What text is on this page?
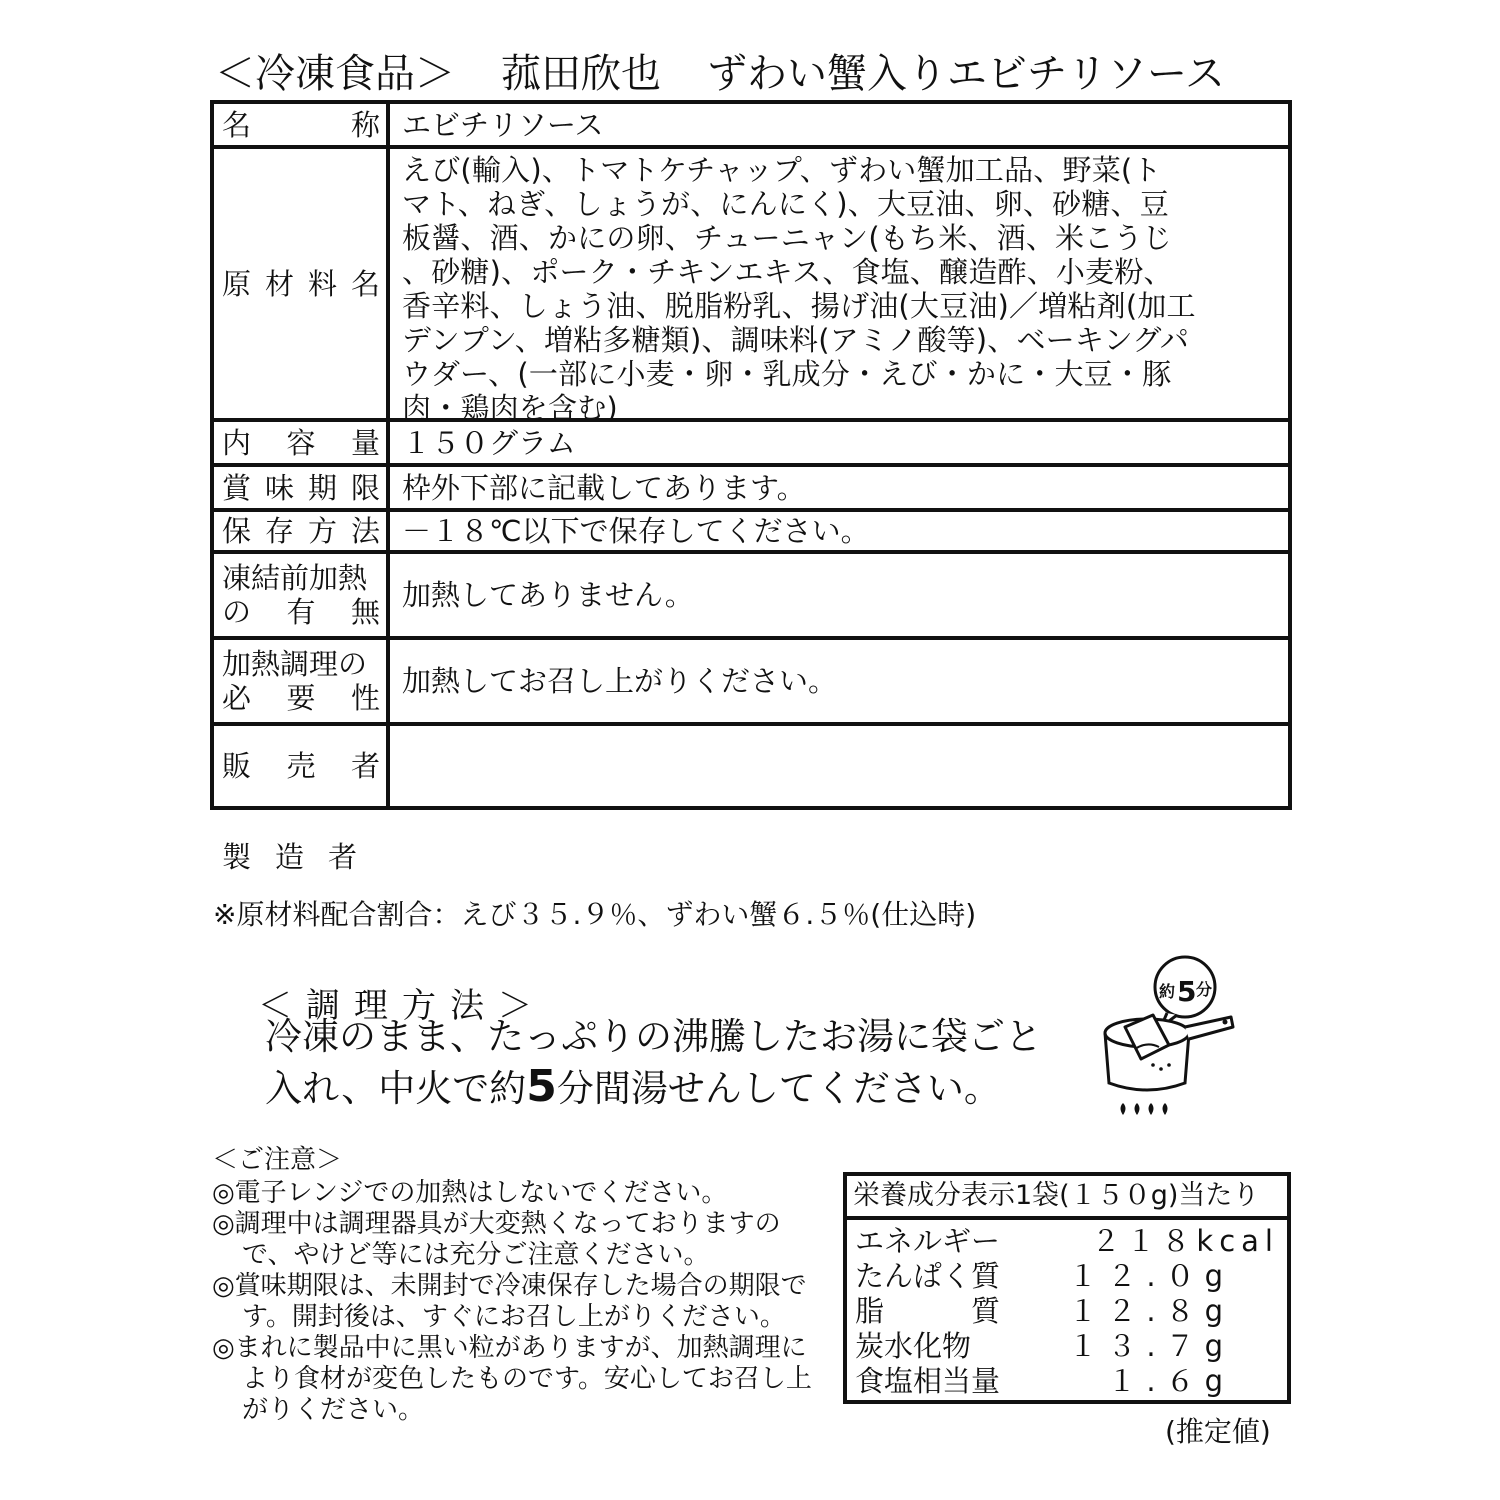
＜冷凍食品＞ 菰田欣也 ずわい蟹入りエビチリソース
名	称 エビチリソース
原 材 料 名
えび(輸入)、トマトケチャップ、ずわい蟹加工品、野菜(ト
マト、ねぎ、しょうが、にんにく)、大豆油、卵、砂糖、豆
板醤、酒、かにの卵、チューニャン(もち米、酒、米こうじ
、砂糖)、ポーク・チキンエキス、食塩、醸造酢、小麦粉、
香辛料、しょう油、脱脂粉乳、揚げ油(大豆油)／増粘剤(加工
デンプン、増粘多糖類)、調味料(アミノ酸等)、ベーキングパ
ウダー、(一部に小麦・卵・乳成分・えび・かに・大豆・豚
肉・鶏肉を含む)
内 容 量 １５０グラム
賞 味 期 限 枠外下部に記載してあります。
保 存 方 法 －１８℃以下で保存してください。
凍結前加熱
の 有 無 加熱してありません。
加熱調理の
必 要 性 加熱してお召し上がりください。
販 売 者
製造者
※原材料配合割合：えび３５.９％、ずわい蟹６.５％(仕込時)
＜調理方法＞
冷凍のまま、たっぷりの沸騰したお湯に袋ごと
入れ、中火で約5分間湯せんしてください。
約 5 分
＜ご注意＞
◎電子レンジでの加熱はしないでください。
◎調理中は調理器具が大変熱くなっておりますので、やけど等には充分ご注意ください。
◎賞味期限は、未開封で冷凍保存した場合の期限です。開封後は、すぐにお召し上がりください。
◎まれに製品中に黒い粒がありますが、加熱調理により食材が変色したものです。安心してお召し上がりください。
栄養成分表示1袋(１５０g)当たり
エネルギー	２１８kcal
たんぱく質 １２.０g
脂　　　質 １２.８g
炭水化物	１３.７g
食塩相当量	１.６g
(推定値)
